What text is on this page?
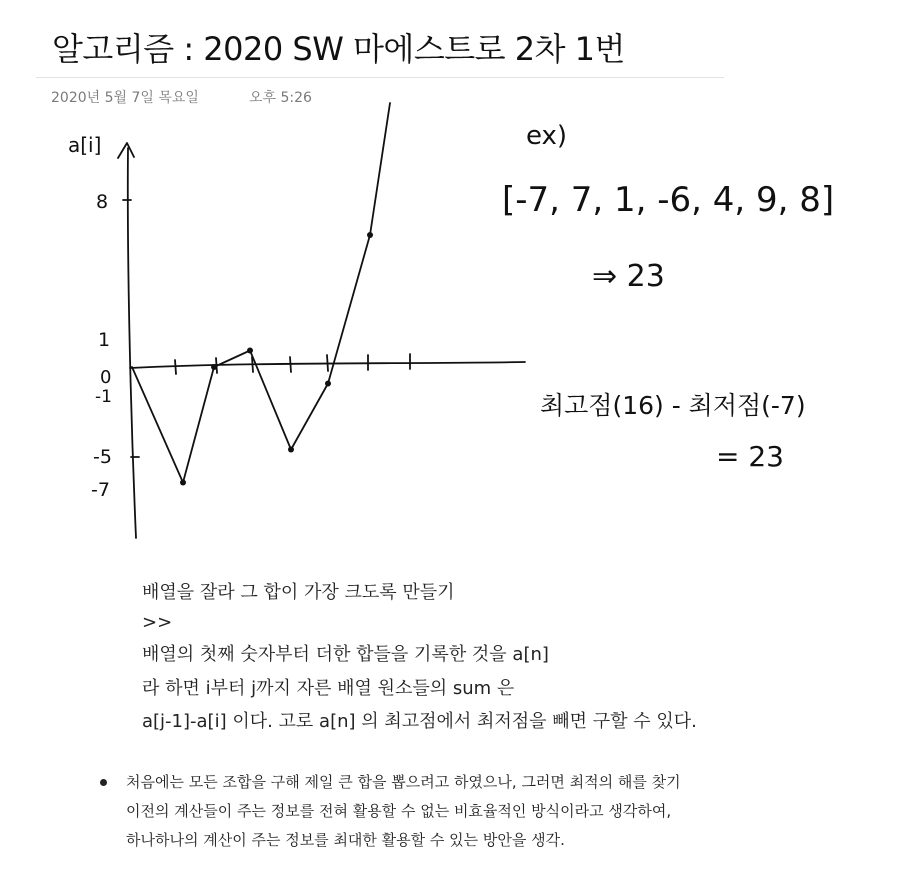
알고리즘 : 2020 SW 마에스트로 2차 1번
2020년 5월 7일 목요일	오후 5:26
a[i]
8
1
0
-1
-5
-7
ex)
[-7, 7, 1, -6, 4, 9, 8]
⇒ 23
최고점(16) - 최저점(-7)
= 23
배열을 잘라 그 합이 가장 크도록 만들기
>>
배열의 첫째 숫자부터 더한 합들을 기록한 것을 a[n]
라 하면 i부터 j까지 자른 배열 원소들의 sum 은
a[j-1]-a[i] 이다. 고로 a[n] 의 최고점에서 최저점을 빼면 구할 수 있다.
처음에는 모든 조합을 구해 제일 큰 합을 뽑으려고 하였으나, 그러면 최적의 해를 찾기
이전의 계산들이 주는 정보를 전혀 활용할 수 없는 비효율적인 방식이라고 생각하여,
하나하나의 계산이 주는 정보를 최대한 활용할 수 있는 방안을 생각.
